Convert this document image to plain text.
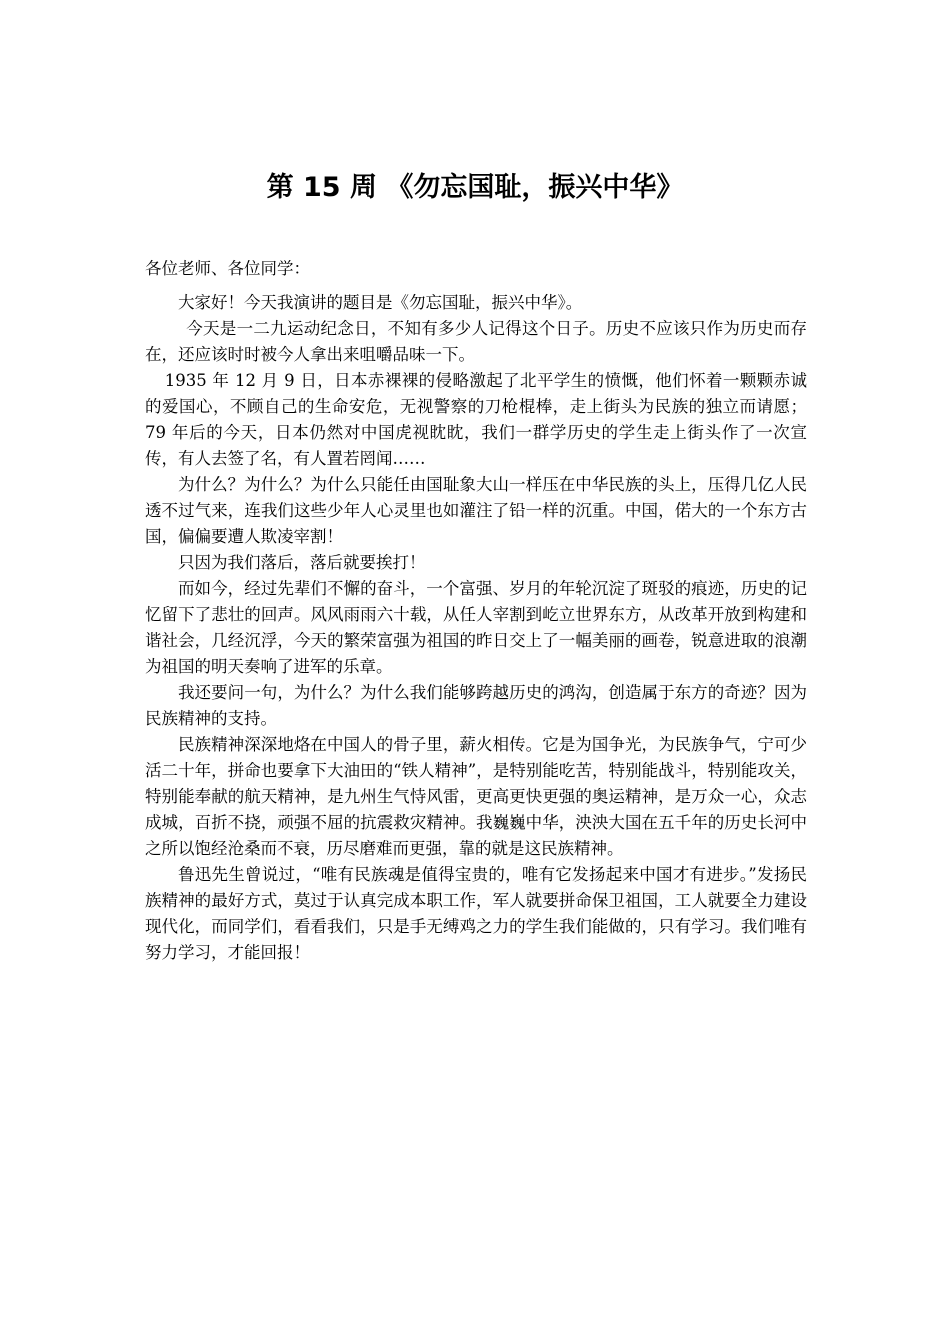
第 15 周 《勿忘国耻，振兴中华》

各位老师、各位同学：

大家好！今天我演讲的题目是《勿忘国耻，振兴中华》。

今天是一二九运动纪念日，不知有多少人记得这个日子。历史不应该只作为历史而存在，还应该时时被今人拿出来咀嚼品味一下。

1935 年 12 月 9 日，日本赤裸裸的侵略激起了北平学生的愤慨，他们怀着一颗颗赤诚的爱国心，不顾自己的生命安危，无视警察的刀枪棍棒，走上街头为民族的独立而请愿；79 年后的今天，日本仍然对中国虎视眈眈，我们一群学历史的学生走上街头作了一次宣传，有人去签了名，有人置若罔闻……

为什么？为什么？为什么只能任由国耻象大山一样压在中华民族的头上，压得几亿人民透不过气来，连我们这些少年人心灵里也如灌注了铅一样的沉重。中国，偌大的一个东方古国，偏偏要遭人欺凌宰割！

只因为我们落后，落后就要挨打！

而如今，经过先辈们不懈的奋斗，一个富强、岁月的年轮沉淀了斑驳的痕迹，历史的记忆留下了悲壮的回声。风风雨雨六十载，从任人宰割到屹立世界东方，从改革开放到构建和谐社会，几经沉浮，今天的繁荣富强为祖国的昨日交上了一幅美丽的画卷，锐意进取的浪潮为祖国的明天奏响了进军的乐章。

我还要问一句，为什么？为什么我们能够跨越历史的鸿沟，创造属于东方的奇迹？因为民族精神的支持。

民族精神深深地烙在中国人的骨子里，薪火相传。它是为国争光，为民族争气，宁可少活二十年，拼命也要拿下大油田的“铁人精神”，是特别能吃苦，特别能战斗，特别能攻关，特别能奉献的航天精神，是九州生气恃风雷，更高更快更强的奥运精神，是万众一心，众志成城，百折不挠，顽强不屈的抗震救灾精神。我巍巍中华，泱泱大国在五千年的历史长河中之所以饱经沧桑而不衰，历尽磨难而更强，靠的就是这民族精神。

鲁迅先生曾说过，“唯有民族魂是值得宝贵的，唯有它发扬起来中国才有进步。”发扬民族精神的最好方式，莫过于认真完成本职工作，军人就要拼命保卫祖国，工人就要全力建设现代化，而同学们，看看我们，只是手无缚鸡之力的学生我们能做的，只有学习。我们唯有努力学习，才能回报！
